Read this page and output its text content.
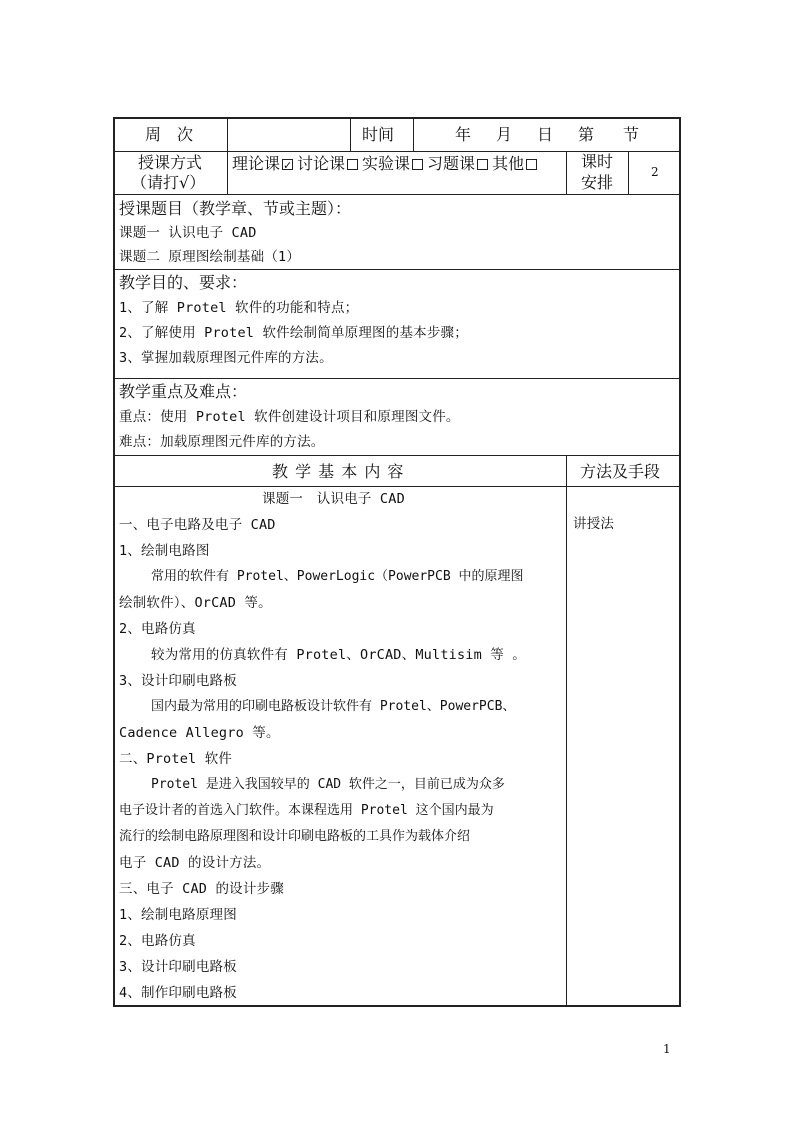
周　次	时间	年 月 日 第 节
授课方式
（请打√）
理论课✓ 讨论课 实验课 习题课 其他	课时
安排
2
授课题目（教学章、节或主题）：
课题一 认识电子 CAD
课题二 原理图绘制基础（1）
教学目的、要求：
1、了解 Protel 软件的功能和特点；
2、了解使用 Protel 软件绘制简单原理图的基本步骤；
3、掌握加载原理图元件库的方法。
教学重点及难点：
重点：使用 Protel 软件创建设计项目和原理图文件。
难点：加载原理图元件库的方法。
教 学 基 本 内 容	方法及手段
讲授法
课题一　认识电子 CAD
一、电子电路及电子 CAD
1、绘制电路图
常用的软件有 Protel、PowerLogic（PowerPCB 中的原理图
绘制软件）、OrCAD 等。
2、电路仿真
较为常用的仿真软件有 Protel、OrCAD、Multisim 等 。
3、设计印刷电路板
国内最为常用的印刷电路板设计软件有 Protel、PowerPCB、
Cadence Allegro 等。
二、Protel 软件
Protel 是进入我国较早的 CAD 软件之一，目前已成为众多
电子设计者的首选入门软件。本课程选用 Protel 这个国内最为
流行的绘制电路原理图和设计印刷电路板的工具作为载体介绍
电子 CAD 的设计方法。
三、电子 CAD 的设计步骤
1、绘制电路原理图
2、电路仿真
3、设计印刷电路板
4、制作印刷电路板
1
